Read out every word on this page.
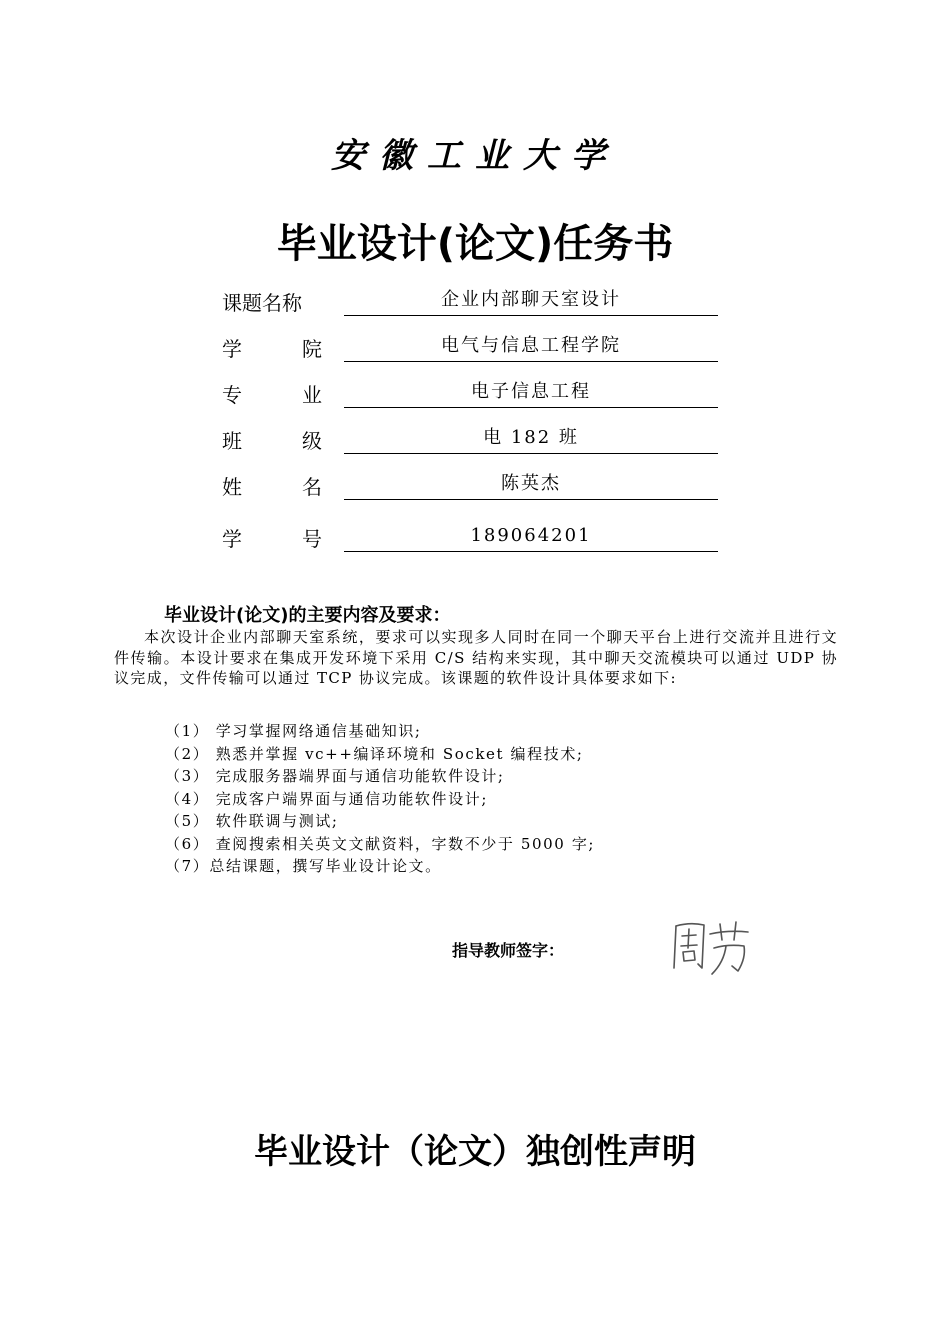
安徽工业大学
毕业设计(论文)任务书
课题名称	企业内部聊天室设计
学	院	电气与信息工程学院
专	业	电子信息工程
班	级	电 182 班
姓	名	陈英杰
学	号	189064201
毕业设计(论文)的主要内容及要求：

本次设计企业内部聊天室系统，要求可以实现多人同时在同一个聊天平台上进行交流并且进行文件传输。本设计要求在集成开发环境下采用 C/S 结构来实现，其中聊天交流模块可以通过 UDP 协议完成，文件传输可以通过 TCP 协议完成。该课题的软件设计具体要求如下:

（1） 学习掌握网络通信基础知识;
（2） 熟悉并掌握 vc++编译环境和 Socket 编程技术;
（3） 完成服务器端界面与通信功能软件设计;
（4） 完成客户端界面与通信功能软件设计;
（5） 软件联调与测试;
（6） 查阅搜索相关英文文献资料，字数不少于 5000 字;
（7）总结课题，撰写毕业设计论文。
指导教师签字：
毕业设计（论文）独创性声明
